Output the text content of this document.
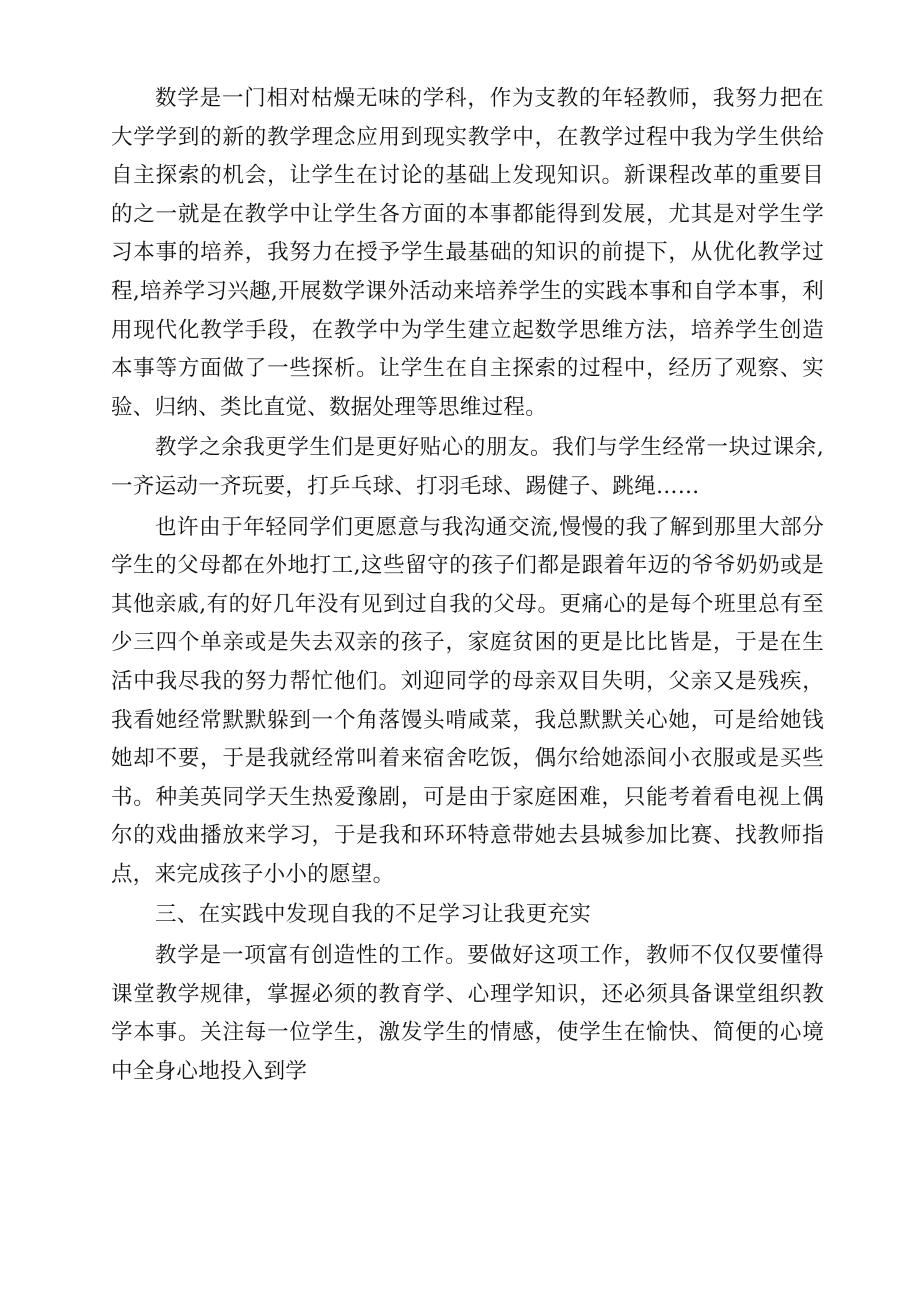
数学是一门相对枯燥无味的学科，作为支教的年轻教师，我努力把在大学学到的新的教学理念应用到现实教学中，在教学过程中我为学生供给自主探索的机会，让学生在讨论的基础上发现知识。新课程改革的重要目的之一就是在教学中让学生各方面的本事都能得到发展，尤其是对学生学习本事的培养，我努力在授予学生最基础的知识的前提下，从优化教学过程,培养学习兴趣,开展数学课外活动来培养学生的实践本事和自学本事，利用现代化教学手段，在教学中为学生建立起数学思维方法，培养学生创造本事等方面做了一些探析。让学生在自主探索的过程中，经历了观察、实验、归纳、类比直觉、数据处理等思维过程。

教学之余我更学生们是更好贴心的朋友。我们与学生经常一块过课余,一齐运动一齐玩要，打乒乓球、打羽毛球、踢健子、跳绳……

也许由于年轻同学们更愿意与我沟通交流,慢慢的我了解到那里大部分学生的父母都在外地打工,这些留守的孩子们都是跟着年迈的爷爷奶奶或是其他亲戚,有的好几年没有见到过自我的父母。更痛心的是每个班里总有至少三四个单亲或是失去双亲的孩子，家庭贫困的更是比比皆是，于是在生活中我尽我的努力帮忙他们。刘迎同学的母亲双目失明，父亲又是残疾，我看她经常默默躲到一个角落馒头啃咸菜，我总默默关心她，可是给她钱她却不要，于是我就经常叫着来宿舍吃饭，偶尔给她添间小衣服或是买些书。种美英同学天生热爱豫剧，可是由于家庭困难，只能考着看电视上偶尔的戏曲播放来学习，于是我和环环特意带她去县城参加比赛、找教师指点，来完成孩子小小的愿望。

三、在实践中发现自我的不足学习让我更充实

教学是一项富有创造性的工作。要做好这项工作，教师不仅仅要懂得课堂教学规律，掌握必须的教育学、心理学知识，还必须具备课堂组织教学本事。关注每一位学生，激发学生的情感，使学生在愉快、简便的心境中全身心地投入到学
